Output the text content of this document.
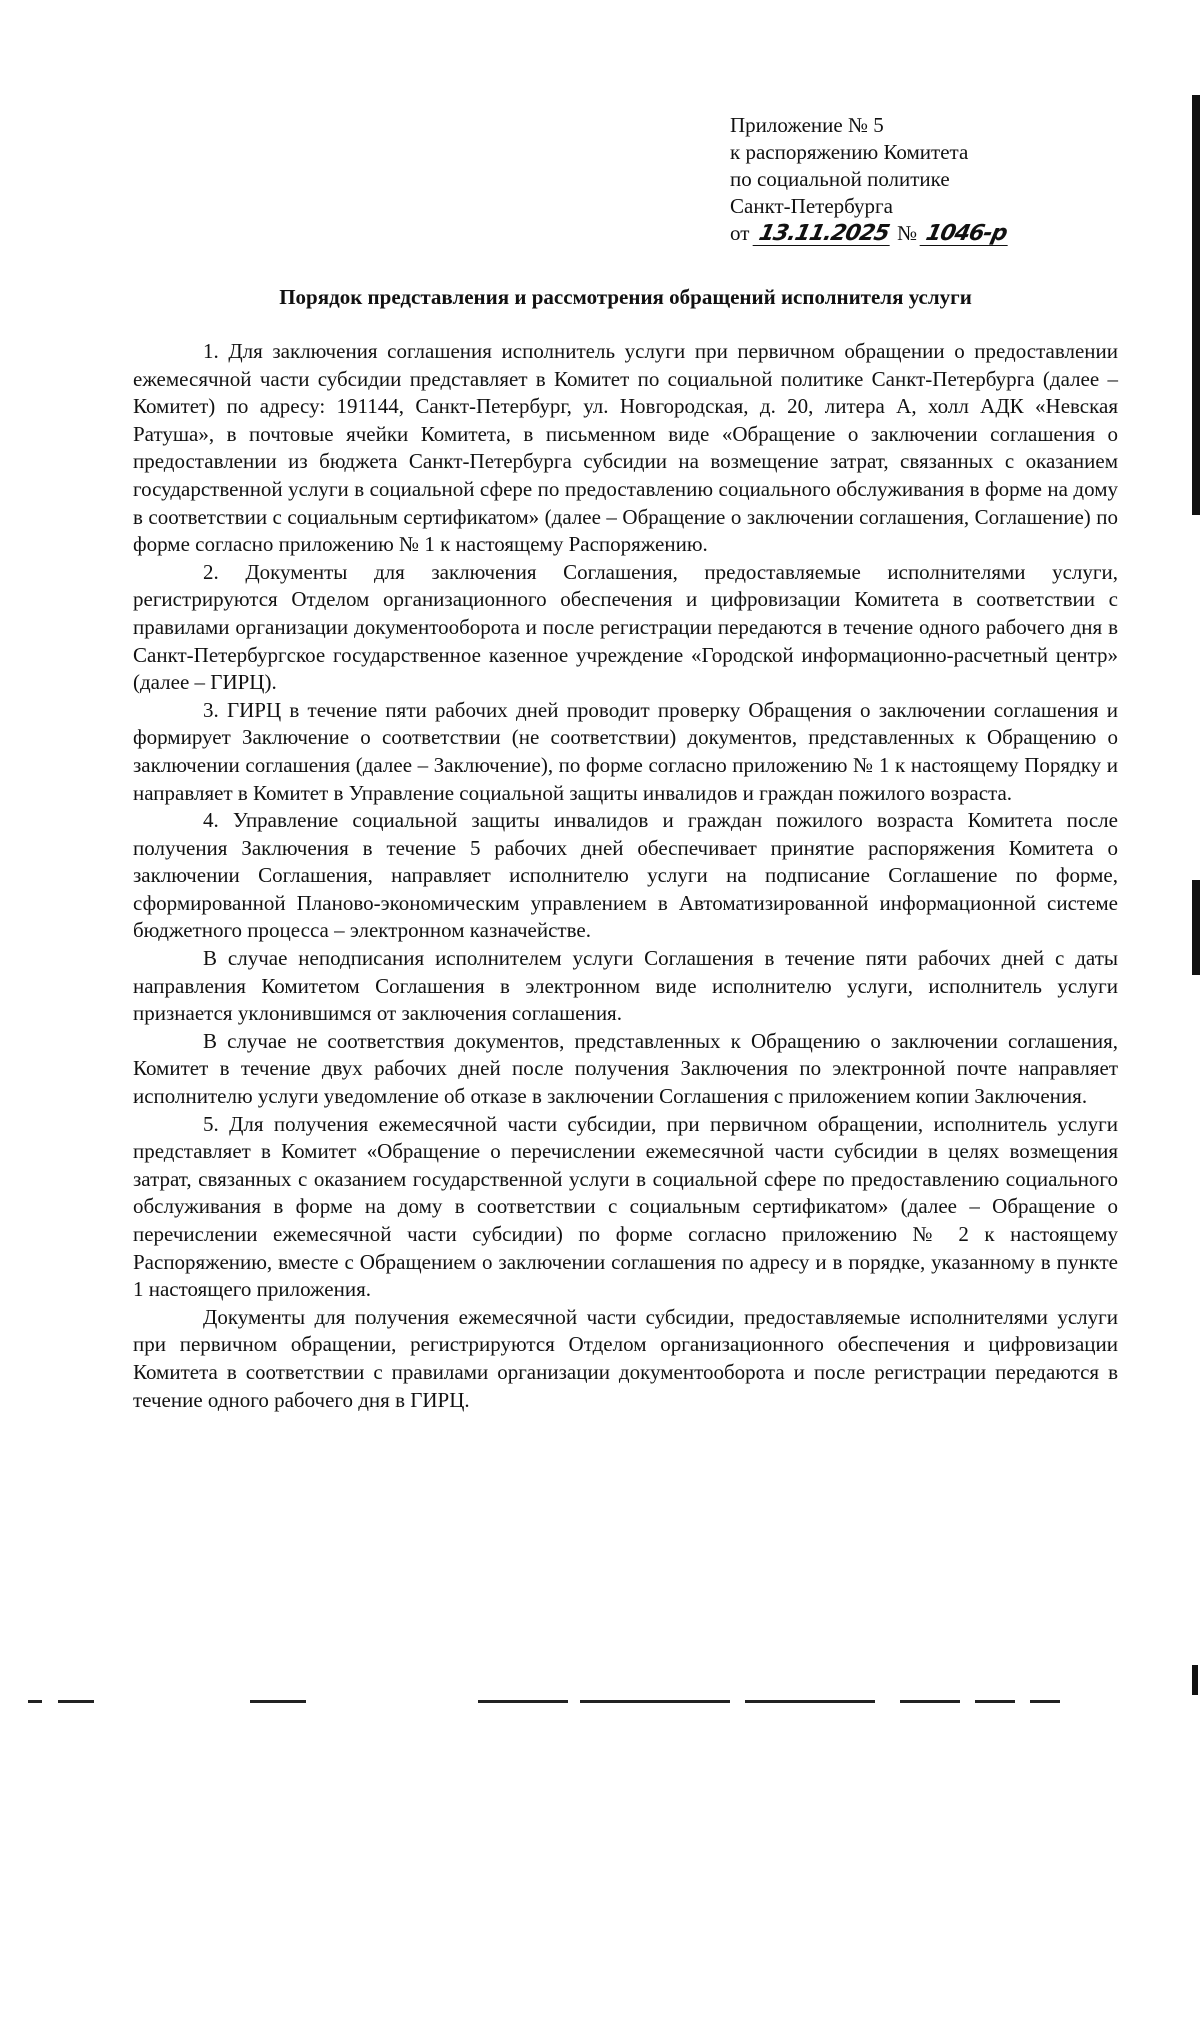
Приложение № 5
к распоряжению Комитета
по социальной политике
Санкт-Петербурга
от 13.11.2025 № 1046-р
Порядок представления и рассмотрения обращений исполнителя услуги

1. Для заключения соглашения исполнитель услуги при первичном обращении о предоставлении ежемесячной части субсидии представляет в Комитет по социальной политике Санкт-Петербурга (далее – Комитет) по адресу: 191144, Санкт-Петербург, ул. Новгородская, д. 20, литера А, холл АДК «Невская Ратуша», в почтовые ячейки Комитета, в письменном виде «Обращение о заключении соглашения о предоставлении из бюджета Санкт-Петербурга субсидии на возмещение затрат, связанных с оказанием государственной услуги в социальной сфере по предоставлению социального обслуживания в форме на дому в соответствии с социальным сертификатом» (далее – Обращение о заключении соглашения, Соглашение) по форме согласно приложению № 1 к настоящему Распоряжению.

2. Документы для заключения Соглашения, предоставляемые исполнителями услуги, регистрируются Отделом организационного обеспечения и цифровизации Комитета в соответствии с правилами организации документооборота и после регистрации передаются в течение одного рабочего дня в Санкт-Петербургское государственное казенное учреждение «Городской информационно-расчетный центр» (далее – ГИРЦ).

3. ГИРЦ в течение пяти рабочих дней проводит проверку Обращения о заключении соглашения и формирует Заключение о соответствии (не соответствии) документов, представленных к Обращению о заключении соглашения (далее – Заключение), по форме согласно приложению № 1 к настоящему Порядку и направляет в Комитет в Управление социальной защиты инвалидов и граждан пожилого возраста.

4. Управление социальной защиты инвалидов и граждан пожилого возраста Комитета после получения Заключения в течение 5 рабочих дней обеспечивает принятие распоряжения Комитета о заключении Соглашения, направляет исполнителю услуги на подписание Соглашение по форме, сформированной Планово-экономическим управлением в Автоматизированной информационной системе бюджетного процесса – электронном казначействе.

В случае неподписания исполнителем услуги Соглашения в течение пяти рабочих дней с даты направления Комитетом Соглашения в электронном виде исполнителю услуги, исполнитель услуги признается уклонившимся от заключения соглашения.

В случае не соответствия документов, представленных к Обращению о заключении соглашения, Комитет в течение двух рабочих дней после получения Заключения по электронной почте направляет исполнителю услуги уведомление об отказе в заключении Соглашения с приложением копии Заключения.

5. Для получения ежемесячной части субсидии, при первичном обращении, исполнитель услуги представляет в Комитет «Обращение о перечислении ежемесячной части субсидии в целях возмещения затрат, связанных с оказанием государственной услуги в социальной сфере по предоставлению социального обслуживания в форме на дому в соответствии с социальным сертификатом» (далее – Обращение о перечислении ежемесячной части субсидии) по форме согласно приложению № 2 к настоящему Распоряжению, вместе с Обращением о заключении соглашения по адресу и в порядке, указанному в пункте 1 настоящего приложения.

Документы для получения ежемесячной части субсидии, предоставляемые исполнителями услуги при первичном обращении, регистрируются Отделом организационного обеспечения и цифровизации Комитета в соответствии с правилами организации документооборота и после регистрации передаются в течение одного рабочего дня в ГИРЦ.
